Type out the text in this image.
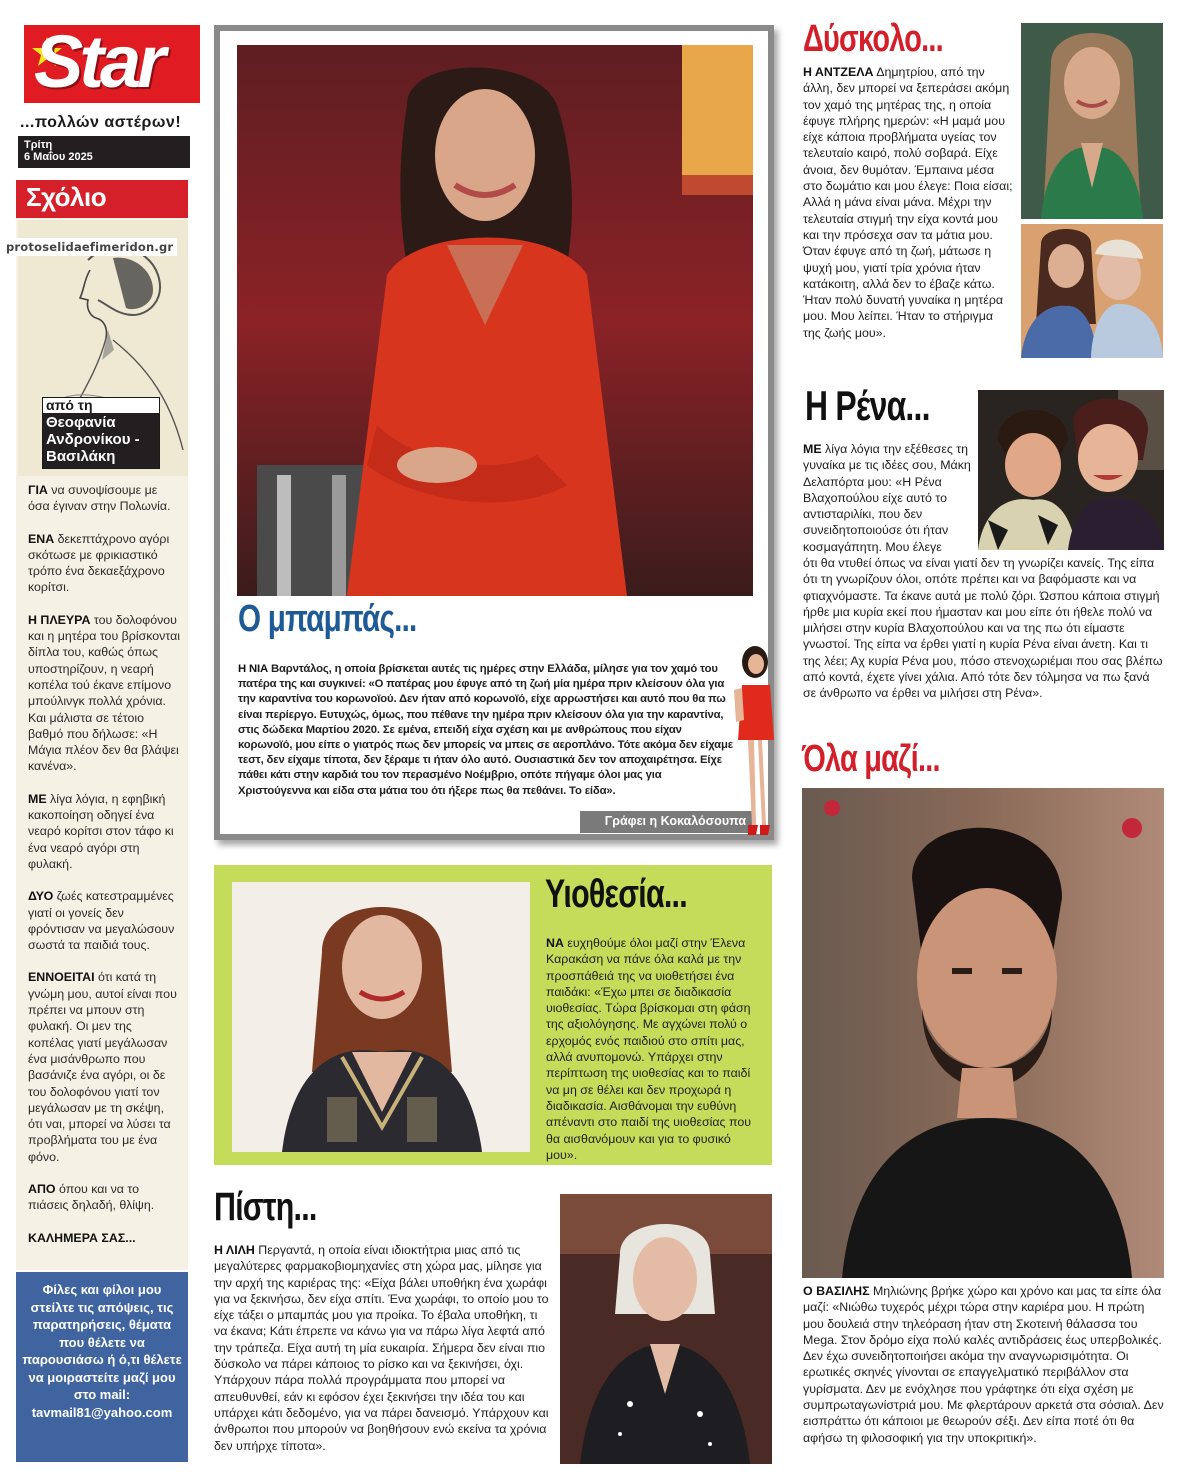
Star
...πολλών αστέρων!
Τρίτη
6 Μαΐου 2025
Σχόλιο
protoselidaefimeridon.gr
από τη
Θεοφανία Ανδρονίκου - Βασιλάκη

ΓΙΑ να συνοψίσουμε με όσα έγιναν στην Πολωνία.

ΕΝΑ δεκεπτάχρονο αγόρι σκότωσε με φρικιαστικό τρόπο ένα δεκαεξάχρονο κορίτσι.

Η ΠΛΕΥΡΑ του δολοφόνου και η μητέρα του βρίσκονται δίπλα του, καθώς όπως υποστηρίζουν, η νεαρή κοπέλα τού έκανε επίμονο μπούλινγκ πολλά χρόνια. Και μάλιστα σε τέτοιο βαθμό που δήλωσε: «Η Μάγια πλέον δεν θα βλάψει κανένα».

ΜΕ λίγα λόγια, η εφηβική κακοποίηση οδηγεί ένα νεαρό κορίτσι στον τάφο κι ένα νεαρό αγόρι στη φυλακή.

ΔΥΟ ζωές κατεστραμμένες γιατί οι γονείς δεν φρόντισαν να μεγαλώσουν σωστά τα παιδιά τους.

ΕΝΝΟΕΙΤΑΙ ότι κατά τη γνώμη μου, αυτοί είναι που πρέπει να μπουν στη φυλακή. Οι μεν της κοπέλας γιατί μεγάλωσαν ένα μισάνθρωπο που βασάνιζε ένα αγόρι, οι δε του δολοφόνου γιατί τον μεγάλωσαν με τη σκέψη, ότι ναι, μπορεί να λύσει τα προβλήματα του με ένα φόνο.

ΑΠΟ όπου και να το πιάσεις δηλαδή, θλίψη.

ΚΑΛΗΜΕΡΑ ΣΑΣ...

Φίλες και φίλοι μου στείλτε τις απόψεις, τις παρατηρήσεις, θέματα που θέλετε να παρουσιάσω ή ό,τι θέλετε να μοιραστείτε μαζί μου στο mail:
tavmail81@yahoo.com
Ο μπαμπάς...
Η ΝΙΑ Βαρντάλος, η οποία βρίσκεται αυτές τις ημέρες στην Ελλάδα, μίλησε για τον χαμό του πατέρα της και συγκινεί: «Ο πατέρας μου έφυγε από τη ζωή μία ημέρα πριν κλείσουν όλα για την καραντίνα του κορωνοϊού. Δεν ήταν από κορωνοϊό, είχε αρρωστήσει και αυτό που θα πω είναι περίεργο. Ευτυχώς, όμως, που πέθανε την ημέρα πριν κλείσουν όλα για την καραντίνα, στις δώδεκα Μαρτίου 2020. Σε εμένα, επειδή είχα σχέση και με ανθρώπους που είχαν κορωνοϊό, μου είπε ο γιατρός πως δεν μπορείς να μπεις σε αεροπλάνο. Τότε ακόμα δεν είχαμε τεστ, δεν είχαμε τίποτα, δεν ξέραμε τι ήταν όλο αυτό. Ουσιαστικά δεν τον αποχαιρέτησα. Είχε πάθει κάτι στην καρδιά του τον περασμένο Νοέμβριο, οπότε πήγαμε όλοι μας για Χριστούγεννα και είδα στα μάτια του ότι ήξερε πως θα πεθάνει. Το είδα».
Γράφει η Κοκαλόσουπα
Υιοθεσία...
ΝΑ ευχηθούμε όλοι μαζί στην Έλενα Καρακάση να πάνε όλα καλά με την προσπάθειά της να υιοθετήσει ένα παιδάκι: «Έχω μπει σε διαδικασία υιοθεσίας. Τώρα βρίσκομαι στη φάση της αξιολόγησης. Με αγχώνει πολύ ο ερχομός ενός παιδιού στο σπίτι μας, αλλά ανυπομονώ. Υπάρχει στην περίπτωση της υιοθεσίας και το παιδί να μη σε θέλει και δεν προχωρά η διαδικασία. Αισθάνομαι την ευθύνη απέναντι στο παιδί της υιοθεσίας που θα αισθανόμουν και για το φυσικό μου».
Πίστη...
Η ΛΙΛΗ Περγαντά, η οποία είναι ιδιοκτήτρια μιας από τις μεγαλύτερες φαρμακοβιομηχανίες στη χώρα μας, μίλησε για την αρχή της καριέρας της: «Είχα βάλει υποθήκη ένα χωράφι για να ξεκινήσω, δεν είχα σπίτι. Ένα χωράφι, το οποίο μου το είχε τάξει ο μπαμπάς μου για προίκα. Το έβαλα υποθήκη, τι να έκανα; Κάτι έπρεπε να κάνω για να πάρω λίγα λεφτά από την τράπεζα. Είχα αυτή τη μία ευκαιρία. Σήμερα δεν είναι πιο δύσκολο να πάρει κάποιος το ρίσκο και να ξεκινήσει, όχι. Υπάρχουν πάρα πολλά προγράμματα που μπορεί να απευθυνθεί, εάν κι εφόσον έχει ξεκινήσει την ιδέα του και υπάρχει κάτι δεδομένο, για να πάρει δανεισμό. Υπάρχουν και άνθρωποι που μπορούν να βοηθήσουν ενώ εκείνα τα χρόνια δεν υπήρχε τίποτα».
Δύσκολο...
Η ΑΝΤΖΕΛΑ Δημητρίου, από την άλλη, δεν μπορεί να ξεπεράσει ακόμη τον χαμό της μητέρας της, η οποία έφυγε πλήρης ημερών: «Η μαμά μου είχε κάποια προβλήματα υγείας τον τελευταίο καιρό, πολύ σοβαρά. Είχε άνοια, δεν θυμόταν. Έμπαινα μέσα στο δωμάτιο και μου έλεγε: Ποια είσαι; Αλλά η μάνα είναι μάνα. Μέχρι την τελευταία στιγμή την είχα κοντά μου και την πρόσεχα σαν τα μάτια μου. Όταν έφυγε από τη ζωή, μάτωσε η ψυχή μου, γιατί τρία χρόνια ήταν κατάκοιτη, αλλά δεν το έβαζε κάτω. Ήταν πολύ δυνατή γυναίκα η μητέρα μου. Μου λείπει. Ήταν το στήριγμα της ζωής μου».
Η Ρένα...
ΜΕ λίγα λόγια την εξέθεσες τη γυναίκα με τις ιδέες σου, Μάκη Δελαπόρτα μου: «Η Ρένα Βλαχοπούλου είχε αυτό το αντισταριλίκι, που δεν συνειδητοποιούσε ότι ήταν κοσμαγάπητη. Μου έλεγε
ότι θα ντυθεί όπως να είναι γιατί δεν τη γνωρίζει κανείς. Της είπα ότι τη γνωρίζουν όλοι, οπότε πρέπει και να βαφόμαστε και να φτιαχνόμαστε. Τα έκανε αυτά με πολύ ζόρι. Ώσπου κάποια στιγμή ήρθε μια κυρία εκεί που ήμασταν και μου είπε ότι ήθελε πολύ να μιλήσει στην κυρία Βλαχοπούλου και να της πω ότι είμαστε γνωστοί. Της είπα να έρθει γιατί η κυρία Ρένα είναι άνετη. Και τι της λέει; Αχ κυρία Ρένα μου, πόσο στενοχωριέμαι που σας βλέπω από κοντά, έχετε γίνει χάλια. Από τότε δεν τόλμησα να πω ξανά σε άνθρωπο να έρθει να μιλήσει στη Ρένα».
Όλα μαζί...
Ο ΒΑΣΙΛΗΣ Μηλιώνης βρήκε χώρο και χρόνο και μας τα είπε όλα μαζί: «Νιώθω τυχερός μέχρι τώρα στην καριέρα μου. Η πρώτη μου δουλειά στην τηλεόραση ήταν στη Σκοτεινή θάλασσα του Mega. Στον δρόμο είχα πολύ καλές αντιδράσεις έως υπερβολικές. Δεν έχω συνειδητοποιήσει ακόμα την αναγνωρισιμότητα. Οι ερωτικές σκηνές γίνονται σε επαγγελματικό περιβάλλον στα γυρίσματα. Δεν με ενόχλησε που γράφτηκε ότι είχα σχέση με συμπρωταγωνίστριά μου. Με φλερτάρουν αρκετά στα σόσιαλ. Δεν εισπράττω ότι κάποιοι με θεωρούν σέξι. Δεν είπα ποτέ ότι θα αφήσω τη φιλοσοφική για την υποκριτική».
